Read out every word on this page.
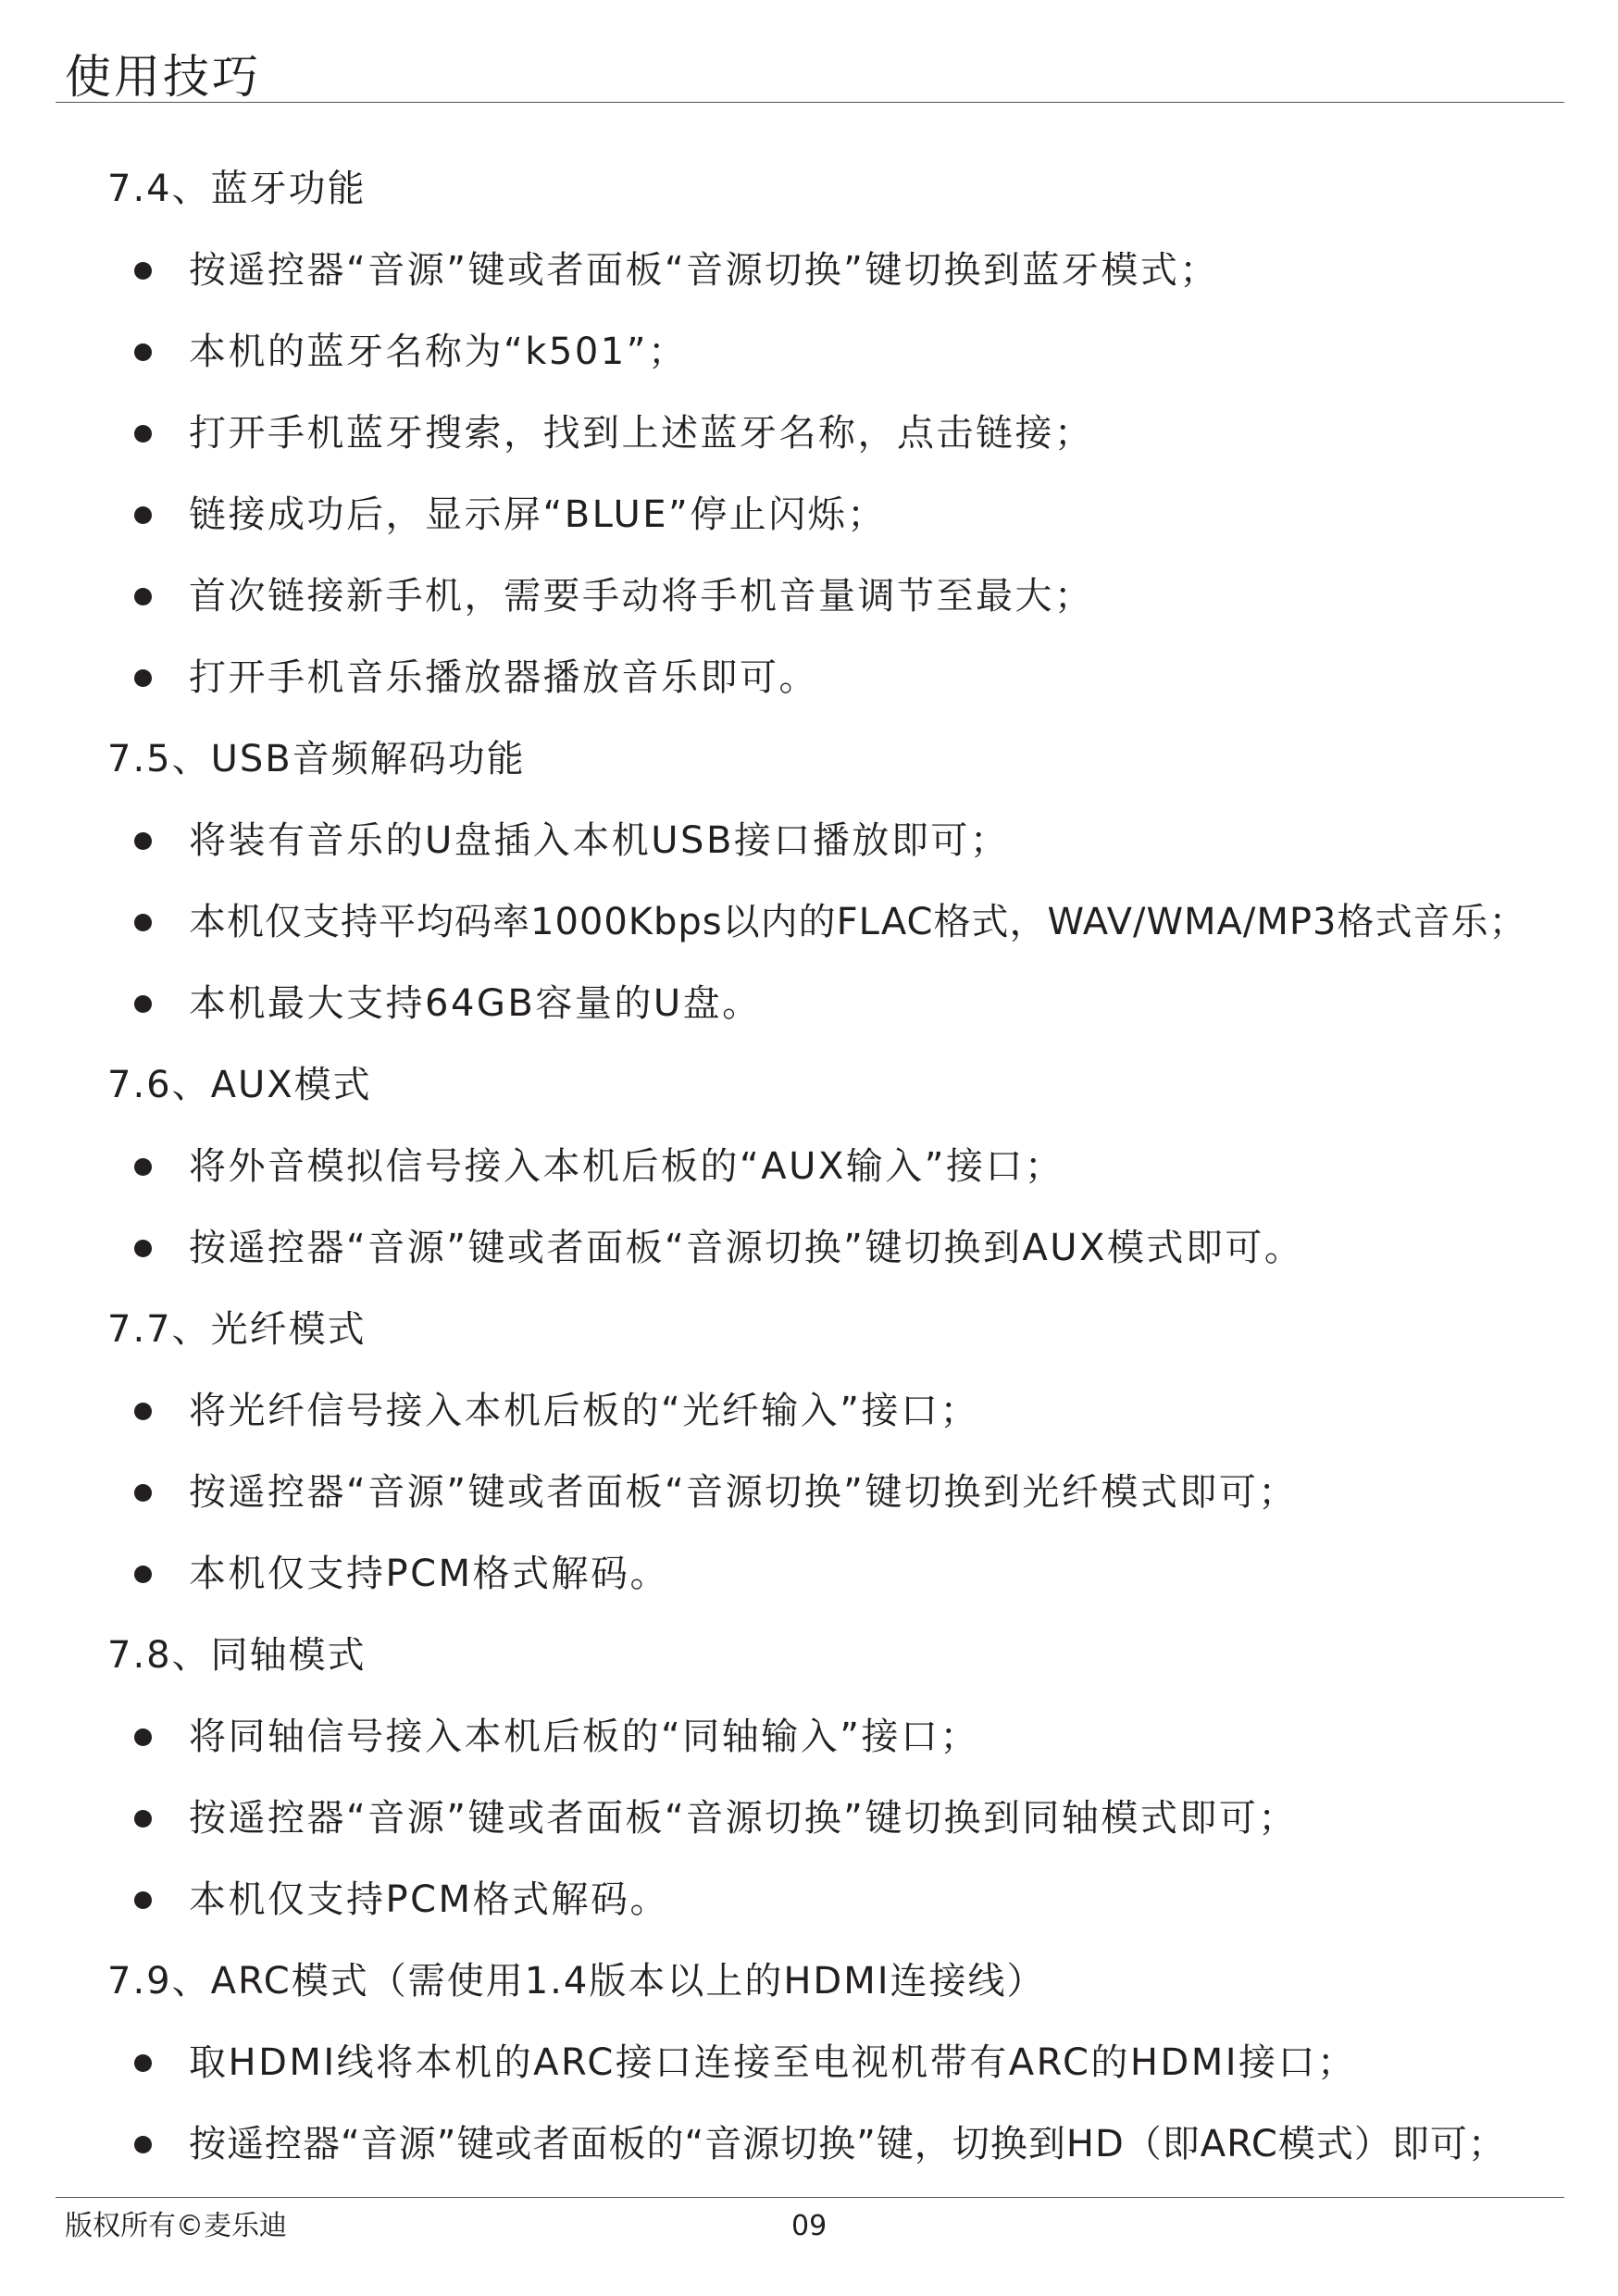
使用技巧
7.4、蓝牙功能
按遥控器“音源”键或者面板“音源切换”键切换到蓝牙模式；
本机的蓝牙名称为“k501”；
打开手机蓝牙搜索，找到上述蓝牙名称，点击链接；
链接成功后，显示屏“BLUE”停止闪烁；
首次链接新手机，需要手动将手机音量调节至最大；
打开手机音乐播放器播放音乐即可。
7.5、USB音频解码功能
将装有音乐的U盘插入本机USB接口播放即可；
本机仅支持平均码率1000Kbps以内的FLAC格式，WAV/WMA/MP3格式音乐；
本机最大支持64GB容量的U盘。
7.6、AUX模式
将外音模拟信号接入本机后板的“AUX输入”接口；
按遥控器“音源”键或者面板“音源切换”键切换到AUX模式即可。
7.7、光纤模式
将光纤信号接入本机后板的“光纤输入”接口；
按遥控器“音源”键或者面板“音源切换”键切换到光纤模式即可；
本机仅支持PCM格式解码。
7.8、同轴模式
将同轴信号接入本机后板的“同轴输入”接口；
按遥控器“音源”键或者面板“音源切换”键切换到同轴模式即可；
本机仅支持PCM格式解码。
7.9、ARC模式（需使用1.4版本以上的HDMI连接线）
取HDMI线将本机的ARC接口连接至电视机带有ARC的HDMI接口；
按遥控器“音源”键或者面板的“音源切换”键，切换到HD（即ARC模式）即可；
版权所有©麦乐迪	09
